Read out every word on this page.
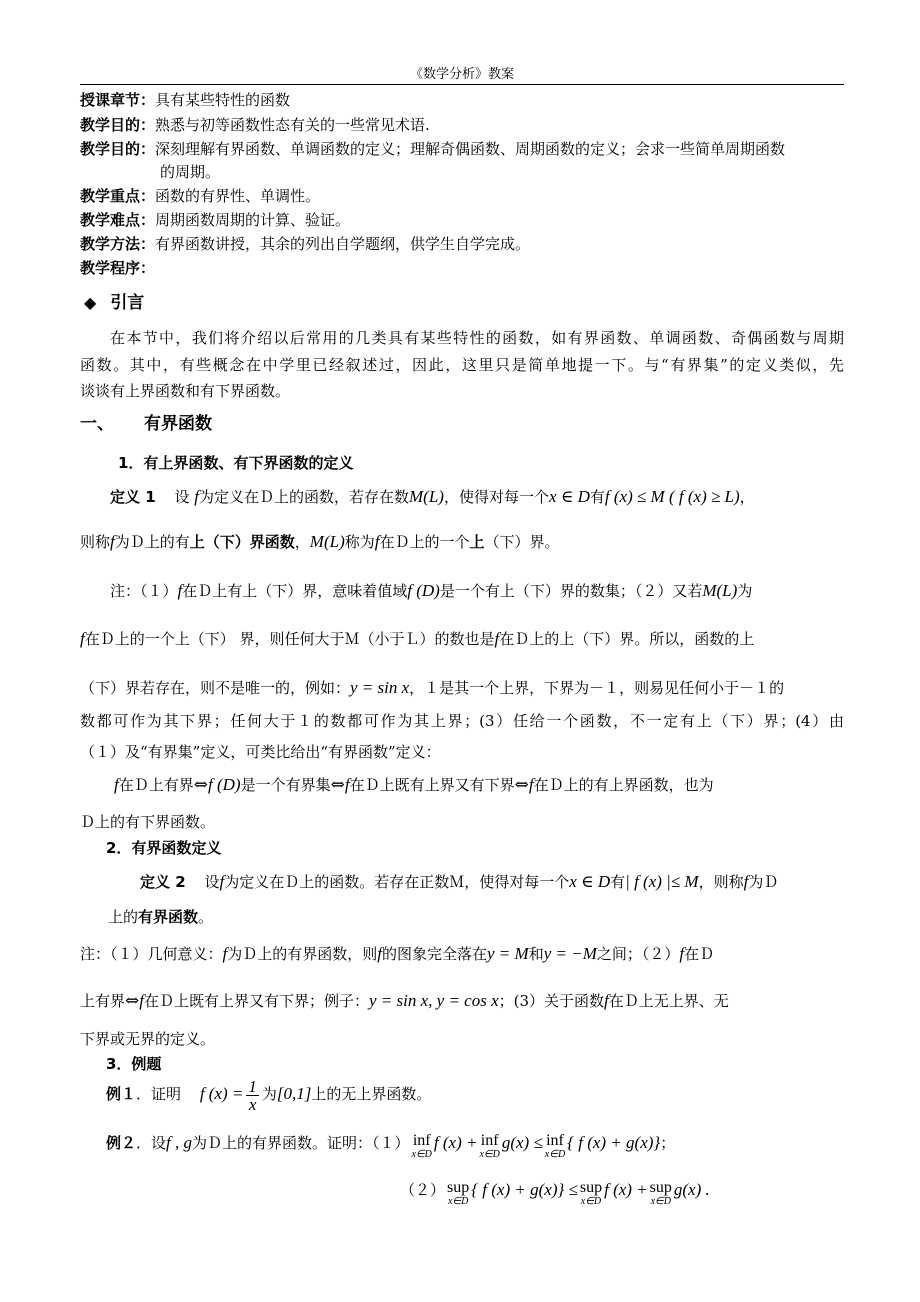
《数学分析》教案
授课章节：具有某些特性的函数
教学目的：熟悉与初等函数性态有关的一些常见术语.
教学目的：深刻理解有界函数、单调函数的定义；理解奇偶函数、周期函数的定义；会求一些简单周期函数
的周期。
教学重点：函数的有界性、单调性。
教学难点：周期函数周期的计算、验证。
教学方法：有界函数讲授，其余的列出自学题纲，供学生自学完成。
教学程序：
◆ 引言
在本节中，我们将介绍以后常用的几类具有某些特性的函数，如有界函数、单调函数、奇偶函数与周期
函数。其中，有些概念在中学里已经叙述过，因此，这里只是简单地提一下。与“有界集”的定义类似，先
谈谈有上界函数和有下界函数。
一、 有界函数
1．有上界函数、有下界函数的定义
定义 1 设 f为定义在Ｄ上的函数，若存在数M(L)，使得对每一个x ∈ D有f (x) ≤ M ( f (x) ≥ L)，
则称f为Ｄ上的有上（下）界函数，M(L)称为f在Ｄ上的一个上（下）界。
注：（１）f在Ｄ上有上（下）界，意味着值域f (D)是一个有上（下）界的数集；（２）又若M(L)为
f在Ｄ上的一个上（下） 界，则任何大于Ｍ（小于Ｌ）的数也是f在Ｄ上的上（下）界。所以，函数的上
（下）界若存在，则不是唯一的，例如：y = sin x，１是其一个上界，下界为－１，则易见任何小于－１的
数都可作为其下界；任何大于１的数都可作为其上界；(3）任给一个函数，不一定有上（下）界；(4）由
（１）及“有界集”定义，可类比给出“有界函数”定义：
f在Ｄ上有界⇔f (D)是一个有界集⇔f在Ｄ上既有上界又有下界⇔f在Ｄ上的有上界函数，也为
Ｄ上的有下界函数。
2．有界函数定义
定义 2 设f为定义在Ｄ上的函数。若存在正数Ｍ，使得对每一个x ∈ D有| f (x) |≤ M，则称f为Ｄ
上的有界函数。
注：（１）几何意义：f为Ｄ上的有界函数，则f的图象完全落在y = M和y = −M之间；（２）f在Ｄ
上有界⇔f在Ｄ上既有上界又有下界；例子：y = sin x, y = cos x；(3）关于函数f在Ｄ上无上界、无
下界或无界的定义。
3．例题
例１．证明 f $(x) = \frac{1}{x}$ 为[0,1]上的无上界函数。
例２．设f , g为Ｄ上的有界函数。证明：（１） inf
x∈D
f (x) + inf
x∈D
g(x) ≤ inf
x∈D
{ f (x) + g(x)}；
（２） sup
x∈D
{ f (x) + g(x)} ≤ sup
x∈D
f (x) + sup
x∈D
g(x) .
